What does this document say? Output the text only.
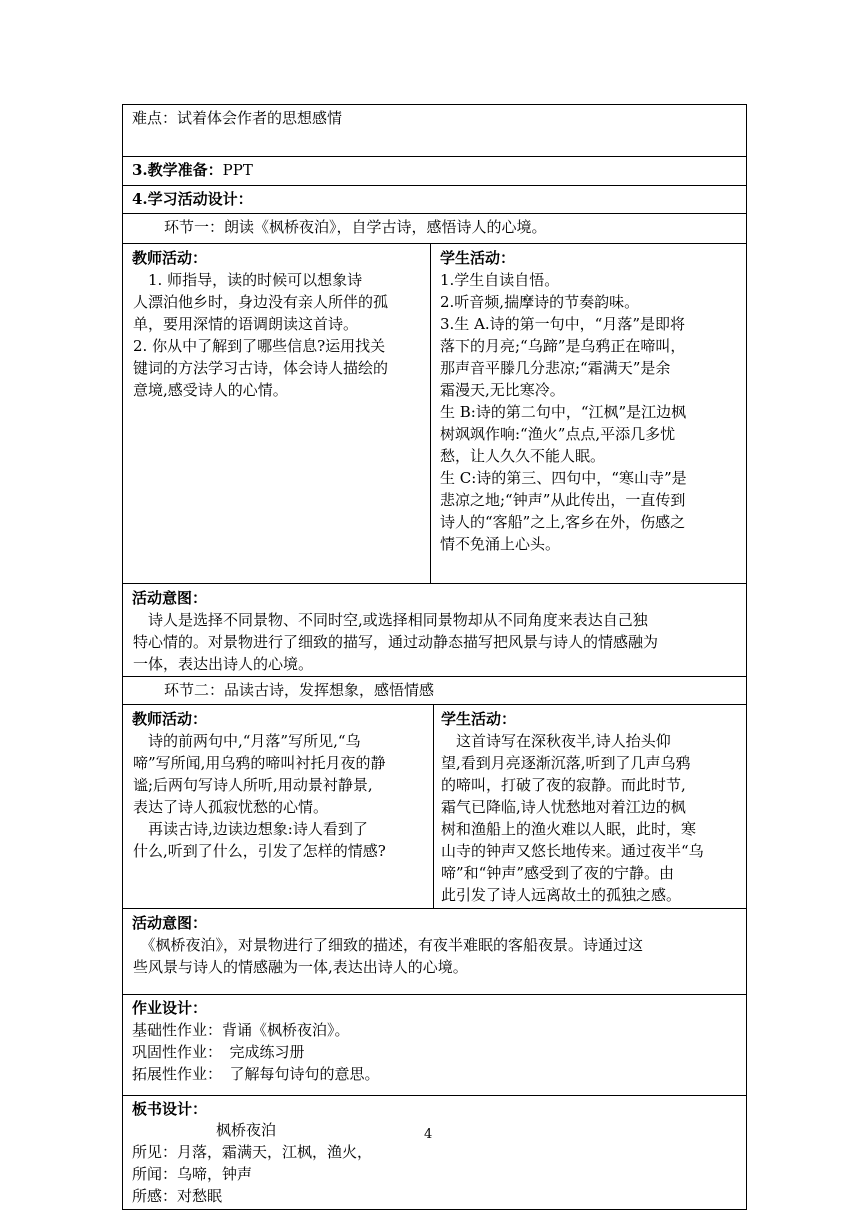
难点：试着体会作者的思想感情
3.教学准备：PPT
4.学习活动设计：
环节一：朗读《枫桥夜泊》，自学古诗，感悟诗人的心境。
教师活动：
　1. 师指导，读的时候可以想象诗
人漂泊他乡时，身边没有亲人所伴的孤
单，要用深情的语调朗读这首诗。
2. 你从中了解到了哪些信息?运用找关
键词的方法学习古诗，体会诗人描绘的
意境,感受诗人的心情。
学生活动：
1.学生自读自悟。
2.听音频,揣摩诗的节奏韵味。
3.生 A.诗的第一句中，“月落”是即将
落下的月亮;“乌蹄”是乌鸦正在啼叫，
那声音平滕几分悲凉;“霜满天”是余
霜漫天,无比寒冷。
生 B:诗的第二句中，“江枫”是江边枫
树飒飒作响:“渔火”点点,平添几多忧
愁，让人久久不能人眠。
生 C:诗的第三、四句中，“寒山寺”是
悲凉之地;“钟声”从此传出，一直传到
诗人的“客船”之上,客乡在外，伤感之
情不免涌上心头。
活动意图：
　诗人是选择不同景物、不同时空,或选择相同景物却从不同角度来表达自己独
特心情的。对景物进行了细致的描写，通过动静态描写把风景与诗人的情感融为
一体，表达出诗人的心境。
环节二：品读古诗，发挥想象，感悟情感
教师活动：
　诗的前两句中,“月落”写所见,“乌
啼”写所闻,用乌鸦的啼叫衬托月夜的静
谧;后两句写诗人所听,用动景衬静景,
表达了诗人孤寂忧愁的心情。
　再读古诗,边读边想象:诗人看到了
什么,听到了什么，引发了怎样的情感?
学生活动：
　这首诗写在深秋夜半,诗人抬头仰
望,看到月亮逐渐沉落,听到了几声乌鸦
的啼叫，打破了夜的寂静。而此时节,
霜气已降临,诗人忧愁地对着江边的枫
树和渔船上的渔火难以人眠，此时，寒
山寺的钟声又悠长地传来。通过夜半“乌
啼”和“钟声”感受到了夜的宁静。由
此引发了诗人远离故土的孤独之感。
活动意图：
　《枫桥夜泊》，对景物进行了细致的描述，有夜半难眠的客船夜景。诗通过这
些风景与诗人的情感融为一体,表达出诗人的心境。
作业设计：
基础性作业：背诵《枫桥夜泊》。
巩固性作业：　完成练习册
拓展性作业：　了解每句诗句的意思。
板书设计：
枫桥夜泊	4
所见：月落，霜满天，江枫，渔火，
所闻：乌啼，钟声
所感：对愁眠
